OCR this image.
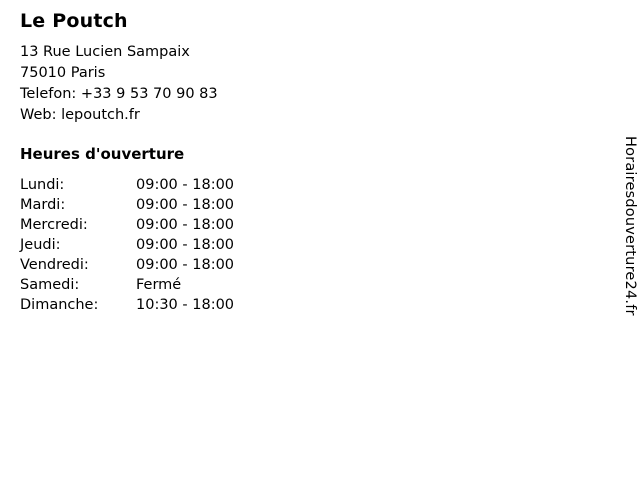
Le Poutch
13 Rue Lucien Sampaix
75010 Paris
Telefon: +33 9 53 70 90 83
Web: lepoutch.fr
Heures d'ouverture
Lundi:	09:00 - 18:00
Mardi:	09:00 - 18:00
Mercredi:	09:00 - 18:00
Jeudi:	09:00 - 18:00
Vendredi:	09:00 - 18:00
Samedi:	Fermé
Dimanche:	10:30 - 18:00	Horairesdouverture24.fr
